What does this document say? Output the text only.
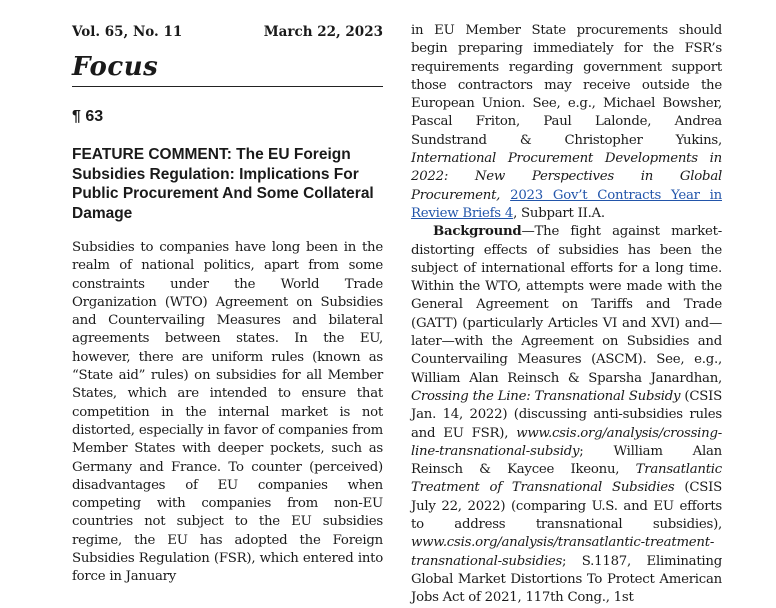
Vol. 65, No. 11	March 22, 2023
Focus
¶ 63
FEATURE COMMENT: The EU Foreign Subsidies Regulation: Implications For Public Procurement And Some Collateral Damage
Subsidies to companies have long been in the realm of national politics, apart from some constraints under the World Trade Organization (WTO) Agreement on Subsidies and Countervailing Measures and bilateral agreements between states. In the EU, however, there are uniform rules (known as “State aid” rules) on subsidies for all Member States, which are intended to ensure that competition in the internal market is not distorted, especially in favor of companies from Member States with deeper pockets, such as Germany and France. To counter (perceived) disadvantages of EU companies when competing with companies from non-EU countries not subject to the EU subsidies regime, the EU has adopted the Foreign Subsidies Regulation (FSR), which entered into force in January

in EU Member State procurements should begin preparing immediately for the FSR’s requirements regarding government support those contractors may receive outside the European Union. See, e.g., Michael Bowsher, Pascal Friton, Paul Lalonde, Andrea Sundstrand & Christopher Yukins, International Procurement Developments in 2022: New Perspectives in Global Procurement, 2023 Gov’t Contracts Year in Review Briefs 4, Subpart II.A.

Background—The fight against market-distorting effects of subsidies has been the subject of international efforts for a long time. Within the WTO, attempts were made with the General Agreement on Tariffs and Trade (GATT) (particularly Articles VI and XVI) and—later—with the Agreement on Subsidies and Countervailing Measures (ASCM). See, e.g., William Alan Reinsch & Sparsha Janardhan, Crossing the Line: Transnational Subsidy (CSIS Jan. 14, 2022) (discussing anti-subsidies rules and EU FSR), www.csis.org/analysis/crossing-line-transnational-subsidy; William Alan Reinsch & Kaycee Ikeonu, Transatlantic Treatment of Transnational Subsidies (CSIS July 22, 2022) (comparing U.S. and EU efforts to address transnational subsidies), www.csis.org/analysis/transatlantic-treatment-transnational-subsidies; S.1187, Eliminating Global Market Distortions To Protect American Jobs Act of 2021, 117th Cong., 1st
